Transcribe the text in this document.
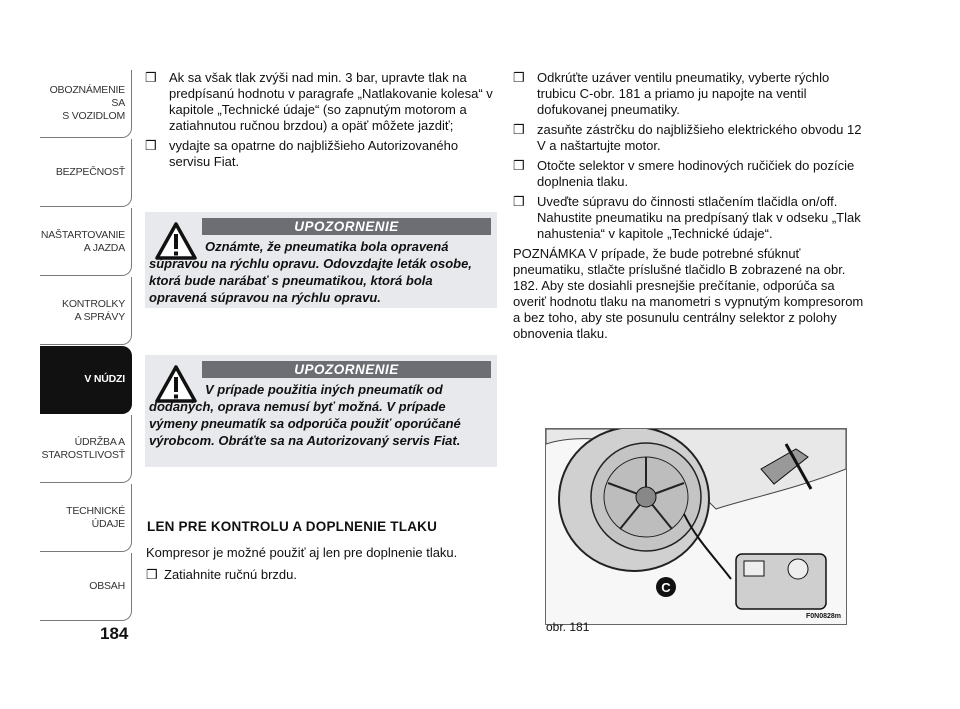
OBOZNÁMENIE SA
S VOZIDLOM
BEZPEČNOSŤ
NAŠTARTOVANIE
A JAZDA
KONTROLKY
A SPRÁVY
V NÚDZI
ÚDRŽBA A
STAROSTLIVOSŤ
TECHNICKÉ
ÚDAJE
OBSAH
184
❒ Ak sa však tlak zvýši nad min. 3 bar, upravte tlak na predpísanú hodnotu v paragrafe „Natlakovanie kolesa“ v kapitole „Technické údaje“ (so zapnutým motorom a zatiahnutou ručnou brzdou) a opäť môžete jazdiť;
❒ vydajte sa opatrne do najbližšieho Autorizovaného servisu Fiat.
UPOZORNENIE
Oznámte, že pneumatika bola opravená súpravou na rýchlu opravu. Odovzdajte leták osobe, ktorá bude narábať s pneumatikou, ktorá bola opravená súpravou na rýchlu opravu.
UPOZORNENIE
V prípade použitia iných pneumatík od dodaných, oprava nemusí byť možná. V prípade výmeny pneumatík sa odporúča použiť oporúčané výrobcom. Obráťte sa na Autorizovaný servis Fiat.
LEN PRE KONTROLU A DOPLNENIE TLAKU
Kompresor je možné použiť aj len pre doplnenie tlaku.
❒ Zatiahnite ručnú brzdu.
❒ Odkrúťte uzáver ventilu pneumatiky, vyberte rýchlo trubicu C-obr. 181 a priamo ju napojte na ventil dofukovanej pneumatiky.
❒ zasuňte zástrčku do najbližšieho elektrického obvodu 12 V a naštartujte motor.
❒ Otočte selektor v smere hodinových ručičiek do pozície doplnenia tlaku.
❒ Uveďte súpravu do činnosti stlačením tlačidla on/off. Nahustite pneumatiku na predpísaný tlak v odseku „Tlak nahustenia“ v kapitole „Technické údaje“.
POZNÁMKA V prípade, že bude potrebné sfúknuť pneumatiku, stlačte príslušné tlačidlo B zobrazené na obr. 182. Aby ste dosiahli presnejšie prečítanie, odporúča sa overiť hodnotu tlaku na manometri s vypnutým kompresorom a bez toho, aby ste posunulu centrálny selektor z polohy obnovenia tlaku.
C
F0N0828m
obr. 181
